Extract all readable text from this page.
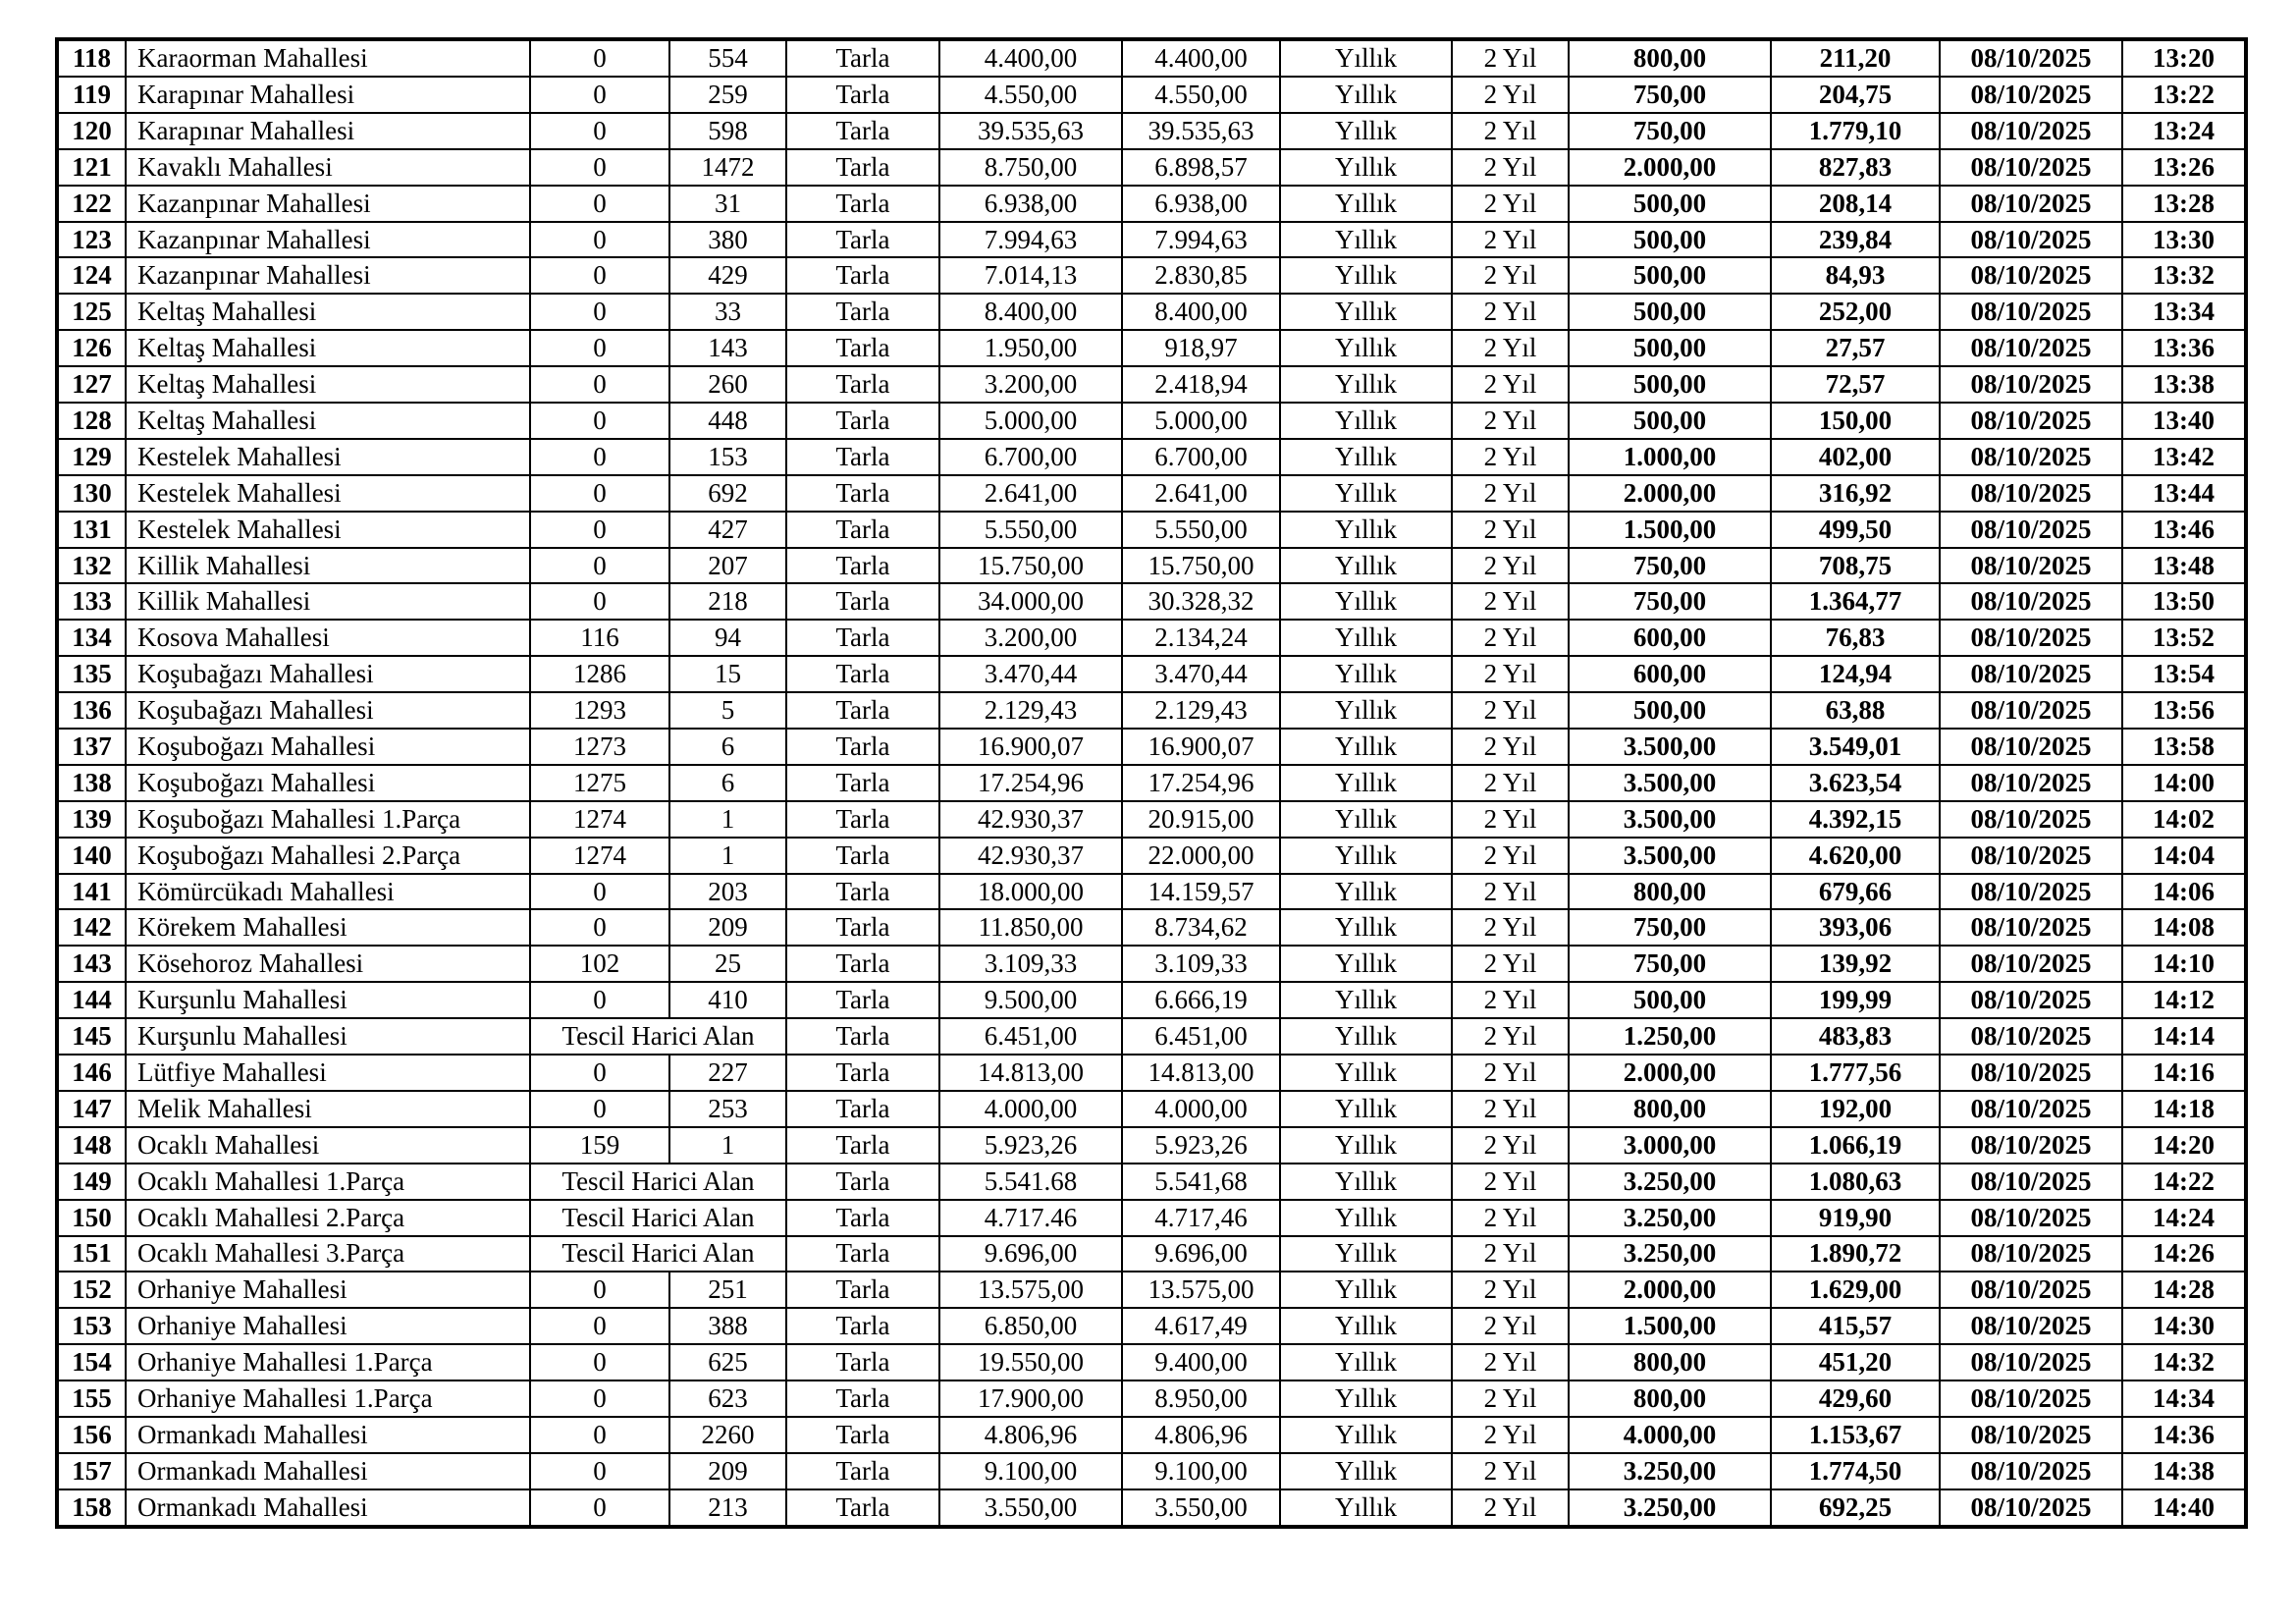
118	Karaorman Mahallesi	0	554	Tarla	4.400,00	4.400,00	Yıllık	2 Yıl	800,00	211,20	08/10/2025	13:20
119	Karapınar Mahallesi	0	259	Tarla	4.550,00	4.550,00	Yıllık	2 Yıl	750,00	204,75	08/10/2025	13:22
120	Karapınar Mahallesi	0	598	Tarla	39.535,63	39.535,63	Yıllık	2 Yıl	750,00	1.779,10	08/10/2025	13:24
121	Kavaklı Mahallesi	0	1472	Tarla	8.750,00	6.898,57	Yıllık	2 Yıl	2.000,00	827,83	08/10/2025	13:26
122	Kazanpınar Mahallesi	0	31	Tarla	6.938,00	6.938,00	Yıllık	2 Yıl	500,00	208,14	08/10/2025	13:28
123	Kazanpınar Mahallesi	0	380	Tarla	7.994,63	7.994,63	Yıllık	2 Yıl	500,00	239,84	08/10/2025	13:30
124	Kazanpınar Mahallesi	0	429	Tarla	7.014,13	2.830,85	Yıllık	2 Yıl	500,00	84,93	08/10/2025	13:32
125	Keltaş Mahallesi	0	33	Tarla	8.400,00	8.400,00	Yıllık	2 Yıl	500,00	252,00	08/10/2025	13:34
126	Keltaş Mahallesi	0	143	Tarla	1.950,00	918,97	Yıllık	2 Yıl	500,00	27,57	08/10/2025	13:36
127	Keltaş Mahallesi	0	260	Tarla	3.200,00	2.418,94	Yıllık	2 Yıl	500,00	72,57	08/10/2025	13:38
128	Keltaş Mahallesi	0	448	Tarla	5.000,00	5.000,00	Yıllık	2 Yıl	500,00	150,00	08/10/2025	13:40
129	Kestelek Mahallesi	0	153	Tarla	6.700,00	6.700,00	Yıllık	2 Yıl	1.000,00	402,00	08/10/2025	13:42
130	Kestelek Mahallesi	0	692	Tarla	2.641,00	2.641,00	Yıllık	2 Yıl	2.000,00	316,92	08/10/2025	13:44
131	Kestelek Mahallesi	0	427	Tarla	5.550,00	5.550,00	Yıllık	2 Yıl	1.500,00	499,50	08/10/2025	13:46
132	Killik Mahallesi	0	207	Tarla	15.750,00	15.750,00	Yıllık	2 Yıl	750,00	708,75	08/10/2025	13:48
133	Killik Mahallesi	0	218	Tarla	34.000,00	30.328,32	Yıllık	2 Yıl	750,00	1.364,77	08/10/2025	13:50
134	Kosova Mahallesi	116	94	Tarla	3.200,00	2.134,24	Yıllık	2 Yıl	600,00	76,83	08/10/2025	13:52
135	Koşubağazı Mahallesi	1286	15	Tarla	3.470,44	3.470,44	Yıllık	2 Yıl	600,00	124,94	08/10/2025	13:54
136	Koşubağazı Mahallesi	1293	5	Tarla	2.129,43	2.129,43	Yıllık	2 Yıl	500,00	63,88	08/10/2025	13:56
137	Koşuboğazı Mahallesi	1273	6	Tarla	16.900,07	16.900,07	Yıllık	2 Yıl	3.500,00	3.549,01	08/10/2025	13:58
138	Koşuboğazı Mahallesi	1275	6	Tarla	17.254,96	17.254,96	Yıllık	2 Yıl	3.500,00	3.623,54	08/10/2025	14:00
139	Koşuboğazı Mahallesi 1.Parça	1274	1	Tarla	42.930,37	20.915,00	Yıllık	2 Yıl	3.500,00	4.392,15	08/10/2025	14:02
140	Koşuboğazı Mahallesi 2.Parça	1274	1	Tarla	42.930,37	22.000,00	Yıllık	2 Yıl	3.500,00	4.620,00	08/10/2025	14:04
141	Kömürcükadı Mahallesi	0	203	Tarla	18.000,00	14.159,57	Yıllık	2 Yıl	800,00	679,66	08/10/2025	14:06
142	Körekem Mahallesi	0	209	Tarla	11.850,00	8.734,62	Yıllık	2 Yıl	750,00	393,06	08/10/2025	14:08
143	Kösehoroz Mahallesi	102	25	Tarla	3.109,33	3.109,33	Yıllık	2 Yıl	750,00	139,92	08/10/2025	14:10
144	Kurşunlu Mahallesi	0	410	Tarla	9.500,00	6.666,19	Yıllık	2 Yıl	500,00	199,99	08/10/2025	14:12
145	Kurşunlu Mahallesi	Tescil Harici Alan		Tarla	6.451,00	6.451,00	Yıllık	2 Yıl	1.250,00	483,83	08/10/2025	14:14
146	Lütfiye Mahallesi	0	227	Tarla	14.813,00	14.813,00	Yıllık	2 Yıl	2.000,00	1.777,56	08/10/2025	14:16
147	Melik Mahallesi	0	253	Tarla	4.000,00	4.000,00	Yıllık	2 Yıl	800,00	192,00	08/10/2025	14:18
148	Ocaklı Mahallesi	159	1	Tarla	5.923,26	5.923,26	Yıllık	2 Yıl	3.000,00	1.066,19	08/10/2025	14:20
149	Ocaklı Mahallesi 1.Parça	Tescil Harici Alan		Tarla	5.541.68	5.541,68	Yıllık	2 Yıl	3.250,00	1.080,63	08/10/2025	14:22
150	Ocaklı Mahallesi 2.Parça	Tescil Harici Alan		Tarla	4.717.46	4.717,46	Yıllık	2 Yıl	3.250,00	919,90	08/10/2025	14:24
151	Ocaklı Mahallesi 3.Parça	Tescil Harici Alan		Tarla	9.696,00	9.696,00	Yıllık	2 Yıl	3.250,00	1.890,72	08/10/2025	14:26
152	Orhaniye Mahallesi	0	251	Tarla	13.575,00	13.575,00	Yıllık	2 Yıl	2.000,00	1.629,00	08/10/2025	14:28
153	Orhaniye Mahallesi	0	388	Tarla	6.850,00	4.617,49	Yıllık	2 Yıl	1.500,00	415,57	08/10/2025	14:30
154	Orhaniye Mahallesi 1.Parça	0	625	Tarla	19.550,00	9.400,00	Yıllık	2 Yıl	800,00	451,20	08/10/2025	14:32
155	Orhaniye Mahallesi 1.Parça	0	623	Tarla	17.900,00	8.950,00	Yıllık	2 Yıl	800,00	429,60	08/10/2025	14:34
156	Ormankadı Mahallesi	0	2260	Tarla	4.806,96	4.806,96	Yıllık	2 Yıl	4.000,00	1.153,67	08/10/2025	14:36
157	Ormankadı Mahallesi	0	209	Tarla	9.100,00	9.100,00	Yıllık	2 Yıl	3.250,00	1.774,50	08/10/2025	14:38
158	Ormankadı Mahallesi	0	213	Tarla	3.550,00	3.550,00	Yıllık	2 Yıl	3.250,00	692,25	08/10/2025	14:40
